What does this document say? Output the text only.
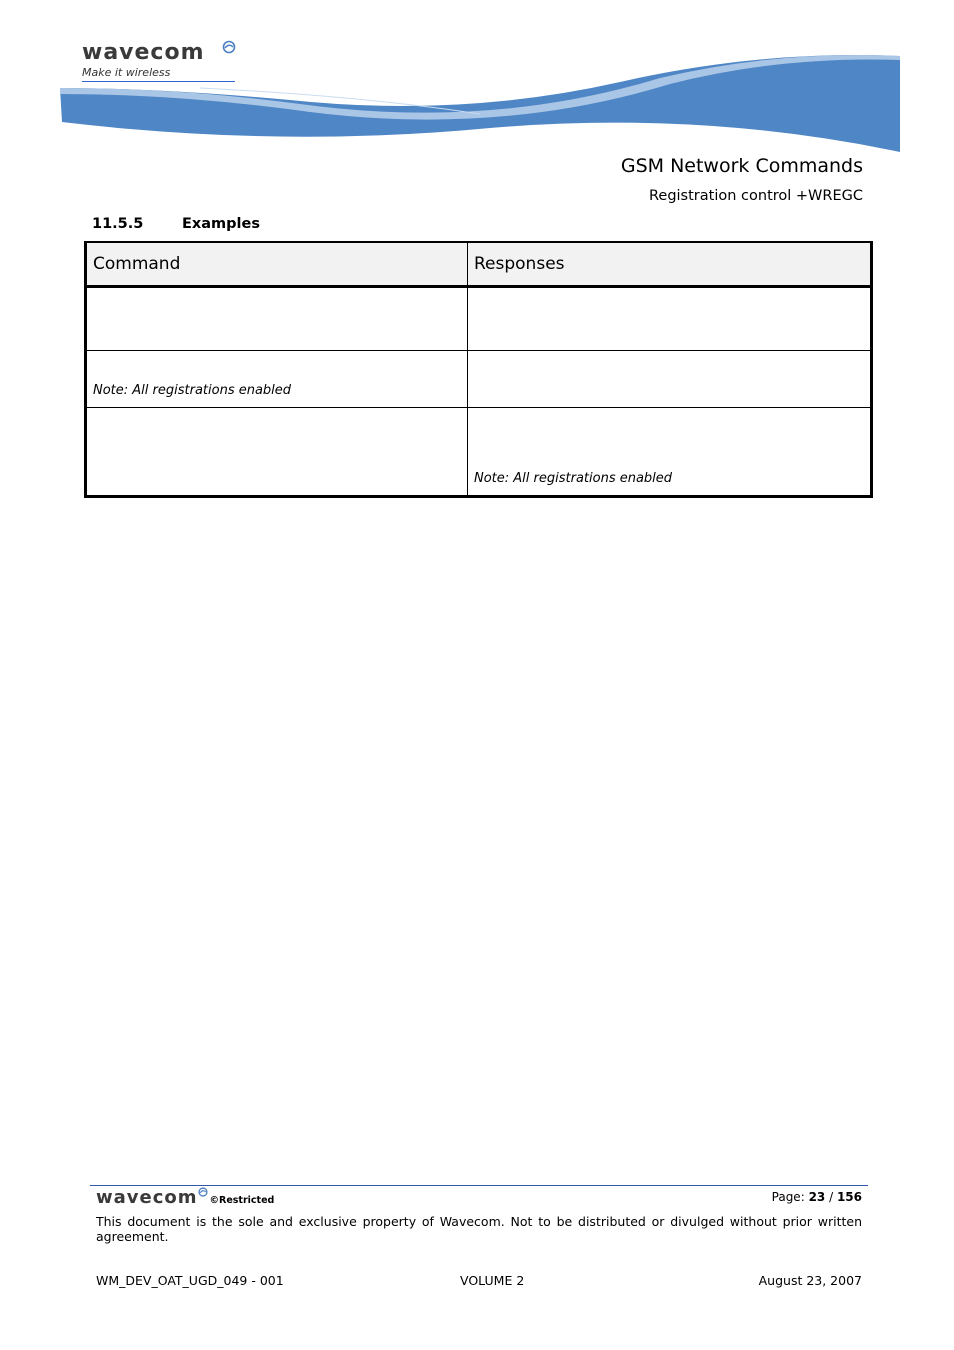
wavecom
Make it wireless
GSM Network Commands
Registration control +WREGC
11.5.5	Examples
Command	Responses

Note: All registrations enabled	

	Note: All registrations enabled
wavecom ©Restricted	Page: 23 / 156
This document is the sole and exclusive property of Wavecom. Not to be distributed or divulged without prior written agreement.
WM_DEV_OAT_UGD_049 - 001	VOLUME 2	August 23, 2007
